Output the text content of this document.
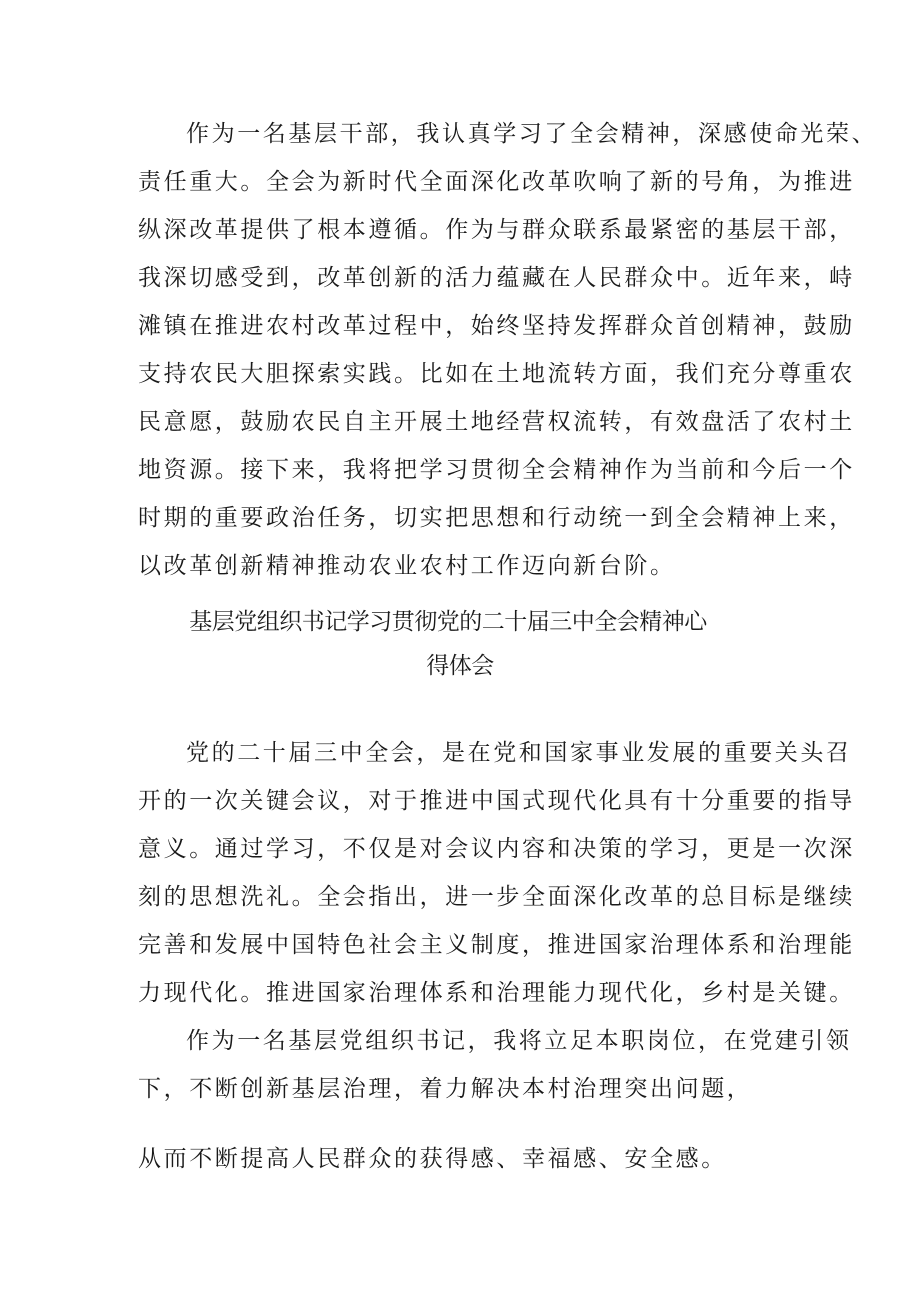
作为一名基层干部，我认真学习了全会精神，深感使命光荣、
责任重大。全会为新时代全面深化改革吹响了新的号角，为推进
纵深改革提供了根本遵循。作为与群众联系最紧密的基层干部，
我深切感受到，改革创新的活力蕴藏在人民群众中。近年来，峙
滩镇在推进农村改革过程中，始终坚持发挥群众首创精神，鼓励
支持农民大胆探索实践。比如在土地流转方面，我们充分尊重农
民意愿，鼓励农民自主开展土地经营权流转，有效盘活了农村土
地资源。接下来，我将把学习贯彻全会精神作为当前和今后一个
时期的重要政治任务，切实把思想和行动统一到全会精神上来，
以改革创新精神推动农业农村工作迈向新台阶。
基层党组织书记学习贯彻党的二十届三中全会精神心
得体会
党的二十届三中全会，是在党和国家事业发展的重要关头召
开的一次关键会议，对于推进中国式现代化具有十分重要的指导
意义。通过学习，不仅是对会议内容和决策的学习，更是一次深
刻的思想洗礼。全会指出，进一步全面深化改革的总目标是继续
完善和发展中国特色社会主义制度，推进国家治理体系和治理能
力现代化。推进国家治理体系和治理能力现代化，乡村是关键。
作为一名基层党组织书记，我将立足本职岗位，在党建引领
下，不断创新基层治理，着力解决本村治理突出问题，
从而不断提高人民群众的获得感、幸福感、安全感。
